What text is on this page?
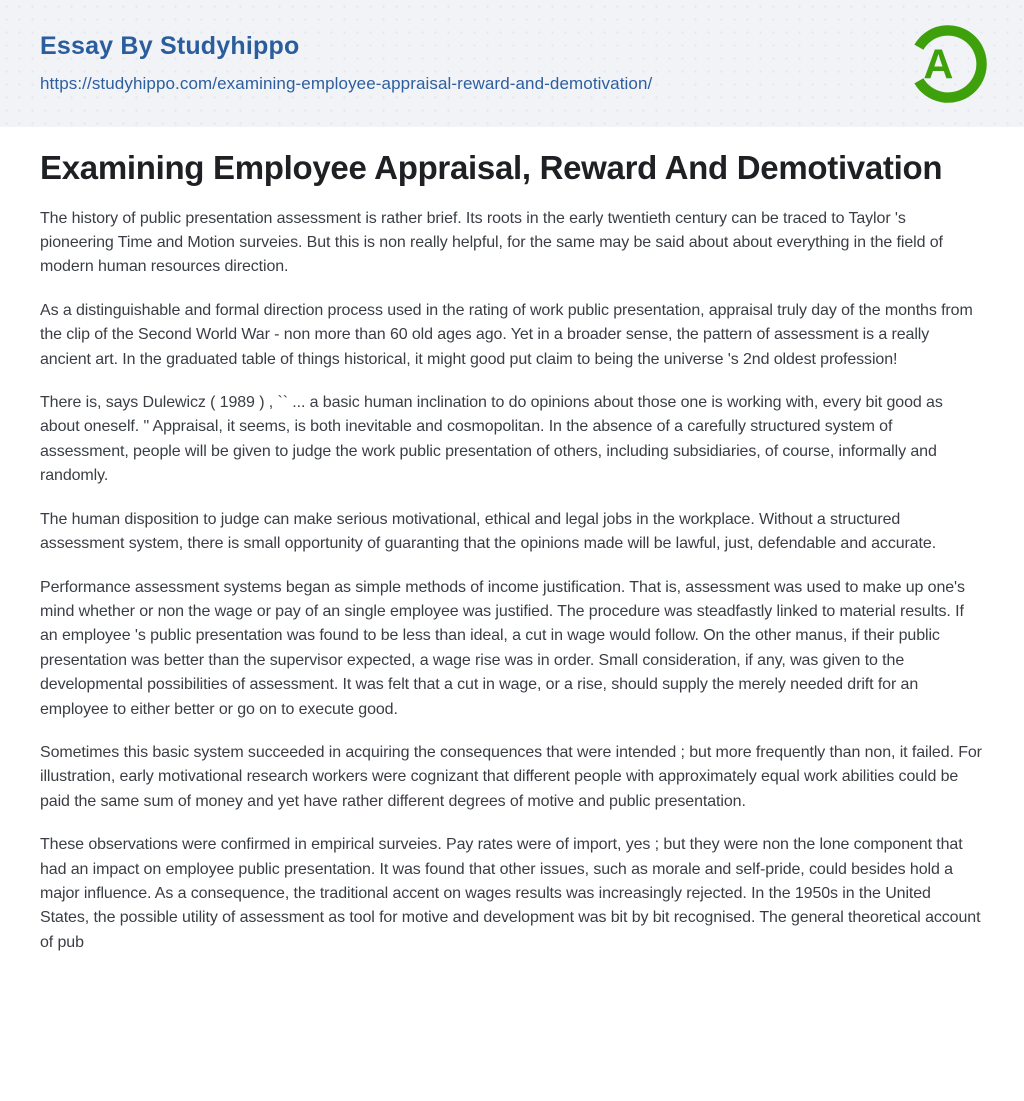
Essay By Studyhippo
https://studyhippo.com/examining-employee-appraisal-reward-and-demotivation/	A
Examining Employee Appraisal, Reward And Demotivation

The history of public presentation assessment is rather brief. Its roots in the early twentieth century can be traced to Taylor 's pioneering Time and Motion surveies. But this is non really helpful, for the same may be said about about everything in the field of modern human resources direction.

As a distinguishable and formal direction process used in the rating of work public presentation, appraisal truly day of the months from the clip of the Second World War - non more than 60 old ages ago. Yet in a broader sense, the pattern of assessment is a really ancient art. In the graduated table of things historical, it might good put claim to being the universe 's 2nd oldest profession!

There is, says Dulewicz ( 1989 ) , `` ... a basic human inclination to do opinions about those one is working with, every bit good as about oneself. " Appraisal, it seems, is both inevitable and cosmopolitan. In the absence of a carefully structured system of assessment, people will be given to judge the work public presentation of others, including subsidiaries, of course, informally and randomly.

The human disposition to judge can make serious motivational, ethical and legal jobs in the workplace. Without a structured assessment system, there is small opportunity of guaranting that the opinions made will be lawful, just, defendable and accurate.

Performance assessment systems began as simple methods of income justification. That is, assessment was used to make up one's mind whether or non the wage or pay of an single employee was justified. The procedure was steadfastly linked to material results. If an employee 's public presentation was found to be less than ideal, a cut in wage would follow. On the other manus, if their public presentation was better than the supervisor expected, a wage rise was in order. Small consideration, if any, was given to the developmental possibilities of assessment. It was felt that a cut in wage, or a rise, should supply the merely needed drift for an employee to either better or go on to execute good.

Sometimes this basic system succeeded in acquiring the consequences that were intended ; but more frequently than non, it failed. For illustration, early motivational research workers were cognizant that different people with approximately equal work abilities could be paid the same sum of money and yet have rather different degrees of motive and public presentation.

These observations were confirmed in empirical surveies. Pay rates were of import, yes ; but they were non the lone component that had an impact on employee public presentation. It was found that other issues, such as morale and self-pride, could besides hold a major influence. As a consequence, the traditional accent on wages results was increasingly rejected. In the 1950s in the United States, the possible utility of assessment as tool for motive and development was bit by bit recognised. The general theoretical account of pub
